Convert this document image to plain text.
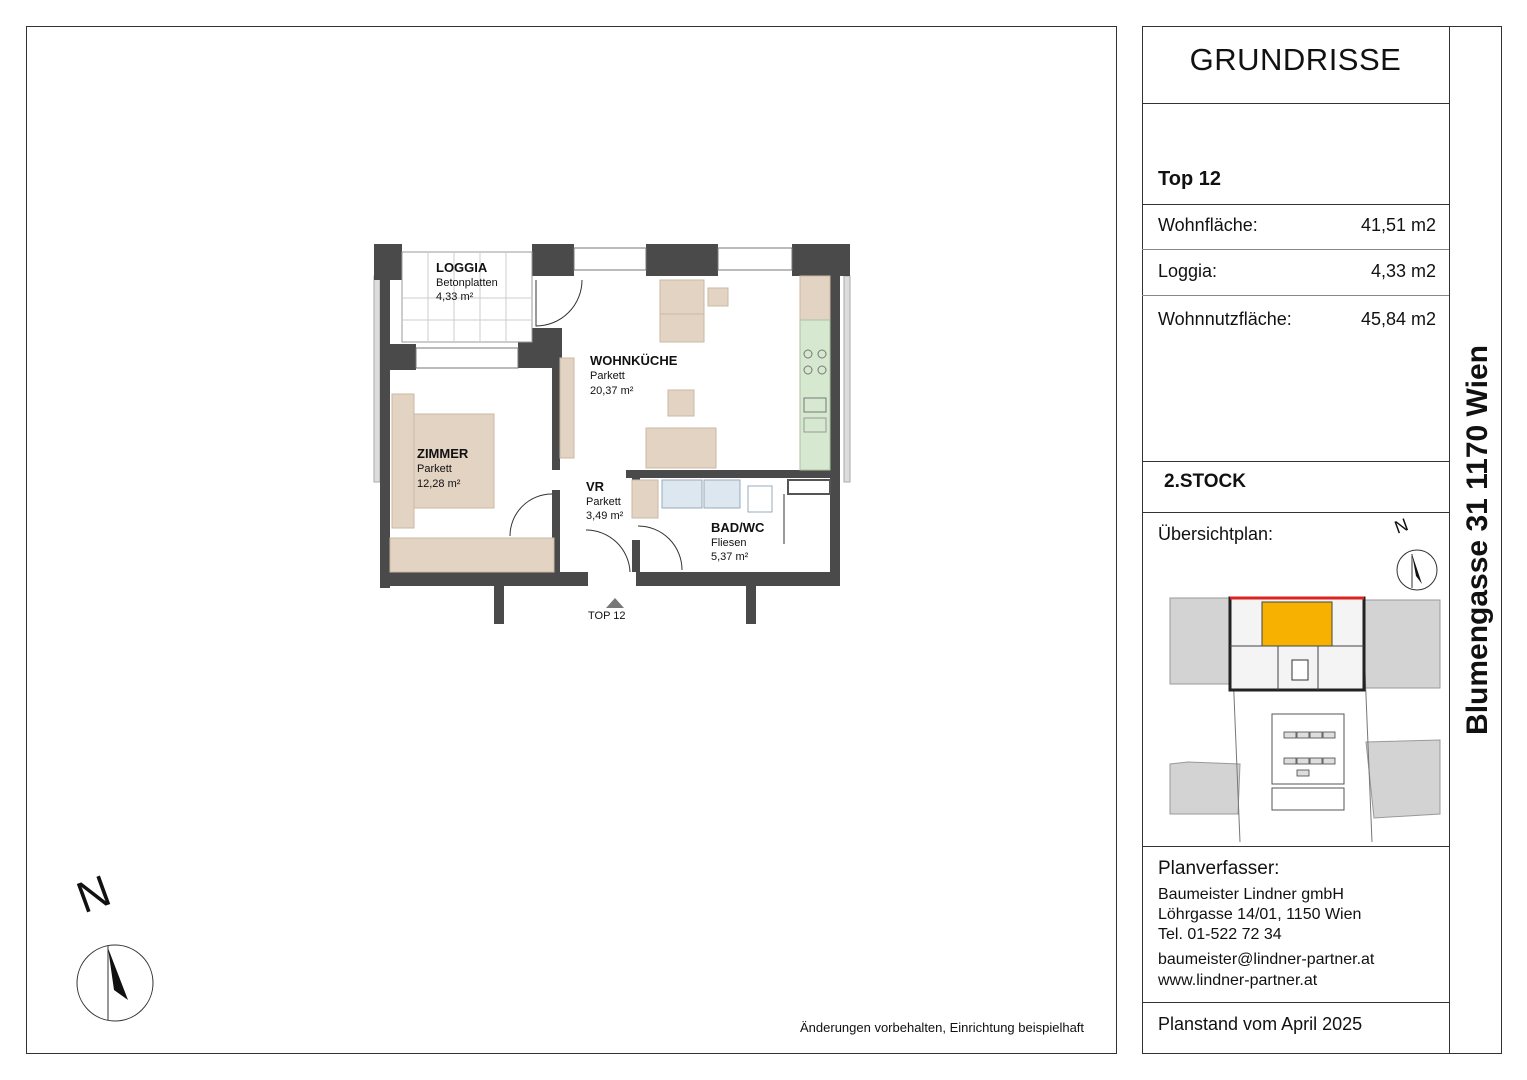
GRUNDRISSE
Top 12
Wohnfläche:	41,51 m2
Loggia:	4,33 m2
Wohnnutzfläche:	45,84 m2
2.STOCK
Übersichtplan:	N
Planverfasser:
Baumeister Lindner gmbH
Löhrgasse 14/01, 1150 Wien
Tel. 01-522 72 34
baumeister@lindner-partner.at
www.lindner-partner.at
Planstand vom April 2025
Blumengasse 31 1170 Wien
LOGGIA
Betonplatten
4,33 m²
WOHNKÜCHE
Parkett
20,37 m²
ZIMMER
Parkett
12,28 m²	VR
Parkett
3,49 m²
BAD/WC
Fliesen
5,37 m²
TOP 12
N
Änderungen vorbehalten, Einrichtung beispielhaft
